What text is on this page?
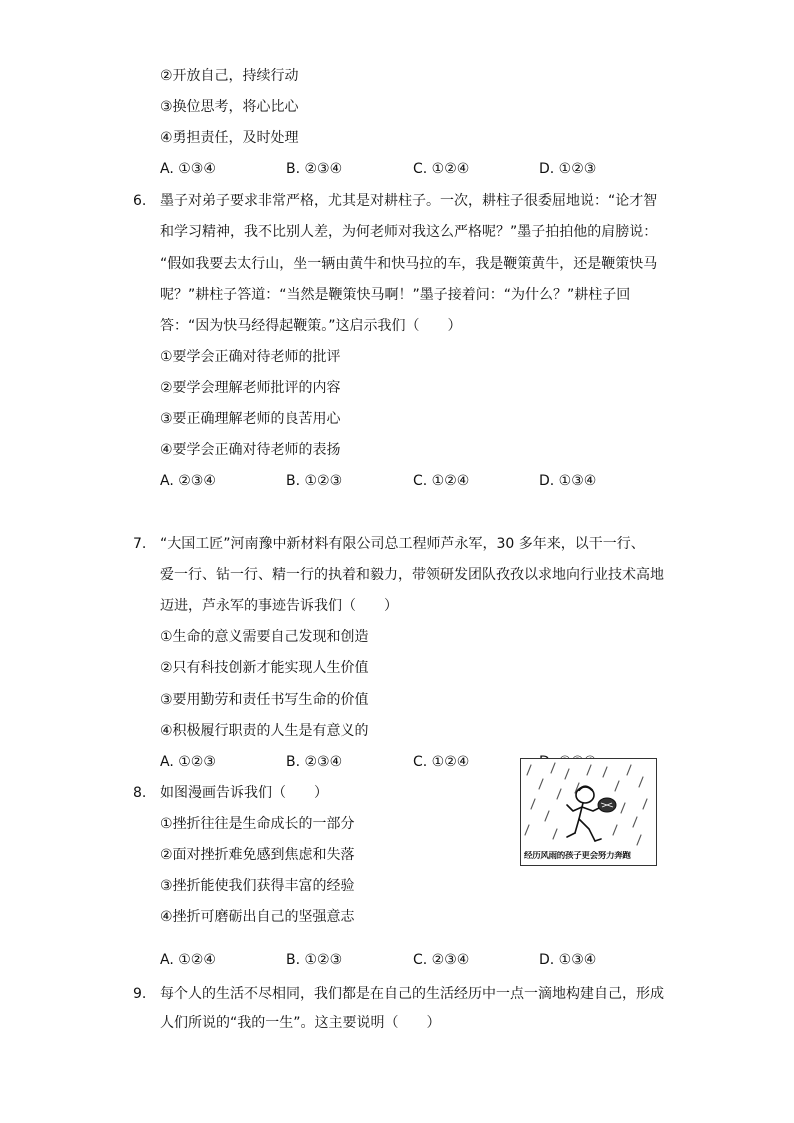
②开放自己，持续行动
③换位思考，将心比心
④勇担责任，及时处理
A. ①③④	B. ②③④	C. ①②④	D. ①②③
6. 墨子对弟子要求非常严格，尤其是对耕柱子。一次，耕柱子很委屈地说：“论才智
和学习精神，我不比别人差，为何老师对我这么严格呢？”墨子拍拍他的肩膀说：
“假如我要去太行山，坐一辆由黄牛和快马拉的车，我是鞭策黄牛，还是鞭策快马
呢？”耕柱子答道：“当然是鞭策快马啊！”墨子接着问：“为什么？”耕柱子回
答：“因为快马经得起鞭策。”这启示我们（　　）
①要学会正确对待老师的批评
②要学会理解老师批评的内容
③要正确理解老师的良苦用心
④要学会正确对待老师的表扬
A. ②③④	B. ①②③	C. ①②④	D. ①③④
7. “大国工匠”河南豫中新材料有限公司总工程师芦永军，30 多年来，以干一行、
爱一行、钻一行、精一行的执着和毅力，带领研发团队孜孜以求地向行业技术高地
迈进，芦永军的事迹告诉我们（　　）
①生命的意义需要自己发现和创造
②只有科技创新才能实现人生价值
③要用勤劳和责任书写生命的价值
④积极履行职责的人生是有意义的
A. ①②③	B. ②③④	C. ①②④
8. 如图漫画告诉我们（　　）
①挫折往往是生命成长的一部分
②面对挫折难免感到焦虑和失落
③挫折能使我们获得丰富的经验
④挫折可磨砺出自己的坚强意志
经历风雨的孩子更会努力奔跑
A. ①②④	B. ①②③	C. ②③④	D. ①③④
9. 每个人的生活不尽相同，我们都是在自己的生活经历中一点一滴地构建自己，形成
人们所说的“我的一生”。这主要说明（　　）
